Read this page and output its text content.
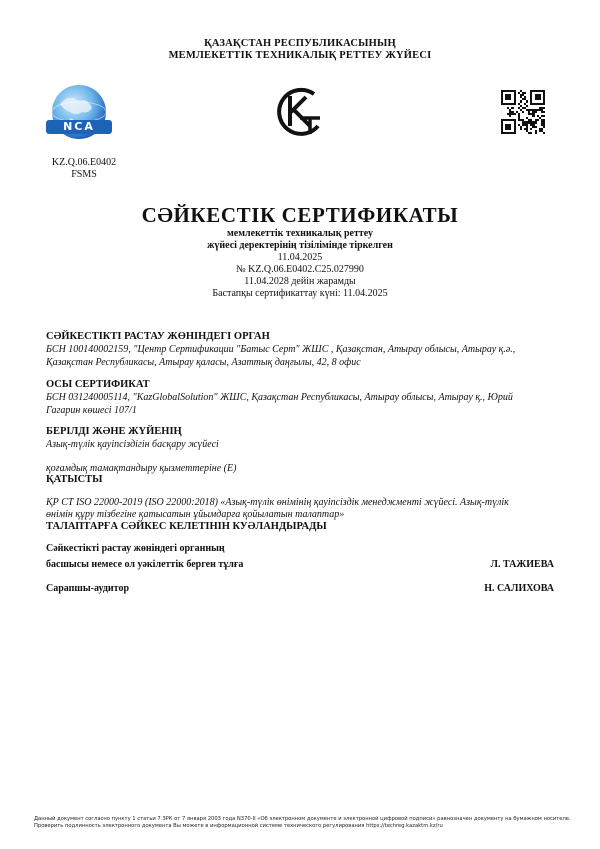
ҚАЗАҚСТАН РЕСПУБЛИКАСЫНЫҢ
МЕМЛЕКЕТТІК ТЕХНИКАЛЫҚ РЕТТЕУ ЖҮЙЕСІ
NCA
KZ.Q.06.E0402
FSMS
СӘЙКЕСТІК СЕРТИФИКАТЫ
мемлекеттік техникалық реттеу
жүйесі деректерінің тізілімінде тіркелген
11.04.2025
№ KZ.Q.06.E0402.C25.027990
11.04.2028 дейін жарамды
Бастапқы сертификаттау күні: 11.04.2025
СӘЙКЕСТІКТІ РАСТАУ ЖӨНІНДЕГІ ОРГАН
БСН 100140002159, "Центр Сертификации "Батыс Серт" ЖШС , Қазақстан, Атырау облысы, Атырау қ.ә.,
Қазақстан Республикасы, Атырау қаласы, Азаттық даңғылы, 42, 8 офис
ОСЫ СЕРТИФИКАТ
БСН 031240005114, "KazGlobalSolution" ЖШС, Қазақстан Республикасы, Атырау облысы, Атырау қ., Юрий
Гагарин көшесі 107/1
БЕРІЛДІ ЖӘНЕ ЖҮЙЕНІҢ
Азық-түлік қауіпсіздігін басқару жүйесі
қоғамдық тамақтандыру қызметтеріне (Е)
ҚАТЫСТЫ
ҚР СТ ISO 22000-2019 (ISO 22000:2018) «Азық-түлік өнімінің қауіпсіздік менеджменті жүйесі. Азық-түлік
өнімін құру тізбегіне қатысатын ұйымдарға қойылатын талаптар»
ТАЛАПТАРҒА СӘЙКЕС КЕЛЕТІНІН КУӘЛАНДЫРАДЫ
Сәйкестікті растау жөніндегі органның
басшысы немесе ол уәкілеттік берген тұлға	Л. ТАЖИЕВА
Сарапшы-аудитор	Н. САЛИХОВА
Данный документ согласно пункту 1 статьи 7 ЗРК от 7 января 2003 года N370-II «Об электронном документе и электронной цифровой подписи» равнозначен документу на бумажном носителе.
Проверить подлинность электронного документа Вы можете в информационной системе технического регулирования https://techreg.kazaktm.kz/ru
